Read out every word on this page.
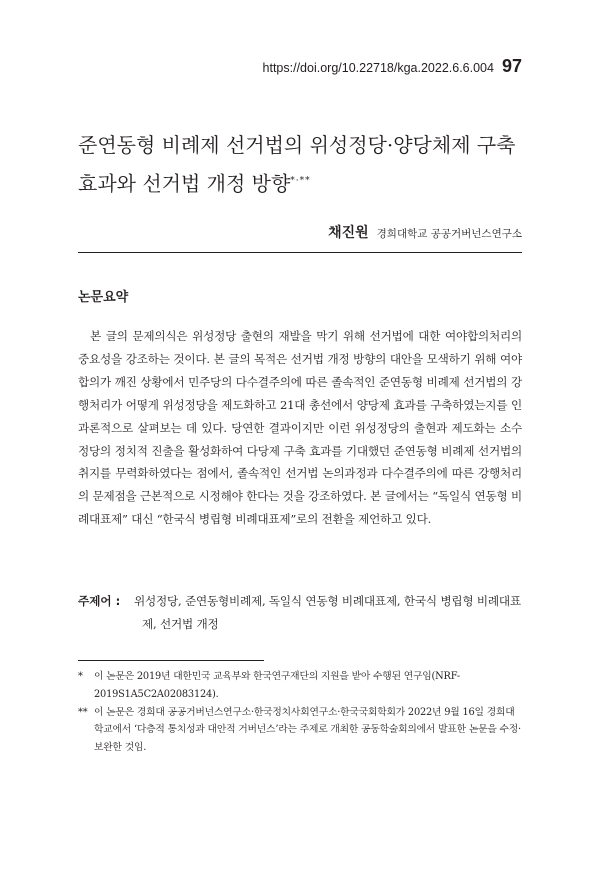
https://doi.org/10.22718/kga.2022.6.6.004 97
준연동형 비례제 선거법의 위성정당·양당체제 구축
효과와 선거법 개정 방향*·**
채진원 경희대학교 공공거버넌스연구소
논문요약

본 글의 문제의식은 위성정당 출현의 재발을 막기 위해 선거법에 대한 여야합의처리의 중요성을 강조하는 것이다. 본 글의 목적은 선거법 개정 방향의 대안을 모색하기 위해 여야합의가 깨진 상황에서 민주당의 다수결주의에 따른 졸속적인 준연동형 비례제 선거법의 강행처리가 어떻게 위성정당을 제도화하고 21대 총선에서 양당제 효과를 구축하였는지를 인과론적으로 살펴보는 데 있다. 당연한 결과이지만 이런 위성정당의 출현과 제도화는 소수정당의 정치적 진출을 활성화하여 다당제 구축 효과를 기대했던 준연동형 비례제 선거법의 취지를 무력화하였다는 점에서, 졸속적인 선거법 논의과정과 다수결주의에 따른 강행처리의 문제점을 근본적으로 시정해야 한다는 것을 강조하였다. 본 글에서는 “독일식 연동형 비례대표제” 대신 “한국식 병립형 비례대표제”로의 전환을 제언하고 있다.

주제어 :	위성정당, 준연동형비례제, 독일식 연동형 비례대표제, 한국식 병립형 비례대표제, 선거법 개정
*	이 논문은 2019년 대한민국 교육부와 한국연구재단의 지원을 받아 수행된 연구임(NRF-2019S1A5C2A02083124).
** 이 논문은 경희대 공공거버넌스연구소·한국정치사회연구소·한국국회학회가 2022년 9월 16일 경희대학교에서 ‘다층적 통치성과 대안적 거버넌스’라는 주제로 개최한 공동학술회의에서 발표한 논문을 수정·보완한 것임.
